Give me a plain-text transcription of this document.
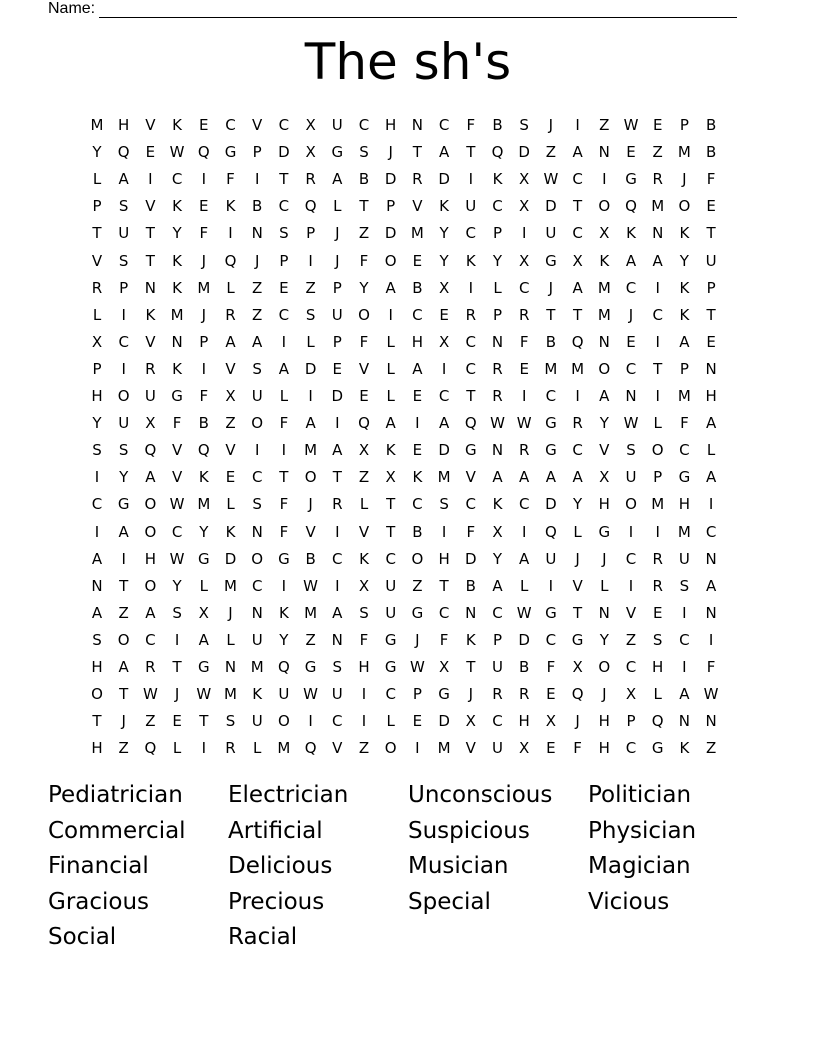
Name:
The sh's
M H	V	K	E	C	V	C	X	U	C	H	N	C	F	B	S	J	I	Z W E	P	B
Y	Q	E W Q G	P	D	X	G	S	J	T	A	T	Q	D	Z	A	N	E	Z	M	B
L	A	I	C	I	F	I	T	R	A	B	D	R	D	I	K	X W C	I	G	R	J	F
P	S	V	K	E	K	B	C	Q	L	T	P	V	K	U	C	X	D	T	O Q M O	E
T	U	T	Y	F	I	N	S	P	J	Z	D M	Y	C	P	I	U	C	X	K	N	K	T
V	S	T	K	J	Q	J	P	I	J	F	O	E	Y	K	Y	X	G	X	K	A	A	Y	U
R	P	N	K	M	L	Z	E	Z	P	Y	A	B	X	I	L	C	J	A	M C	I	K	P
L	I	K	M	J	R	Z	C	S	U	O	I	C	E	R	P	R	T	T	M	J	C	K	T
X	C	V	N	P	A	A	I	L	P	F	L	H	X	C	N	F	B	Q	N	E	I	A	E
P	I	R	K	I	V	S	A	D	E	V	L	A	I	C	R	E	M M O	C	T	P	N
H	O	U	G	F	X	U	L	I	D	E	L	E	C	T	R	I	C	I	A	N	I	M H
Y	U	X	F	B	Z	O	F	A	I	Q	A	I	A	Q W W G	R	Y W	L	F	A
S	S	Q	V	Q	V	I	I	M	A	X	K	E	D	G	N	R	G	C	V	S	O	C	L
I	Y	A	V	K	E	C	T	O	T	Z	X	K	M	V	A	A	A	A	X	U	P	G	A
C	G O W M	L	S	F	J	R	L	T	C	S	C	K	C	D	Y	H	O M H	I
I	A	O	C	Y	K	N	F	V	I	V	T	B	I	F	X	I	Q	L	G	I	I	M C
A	I	H W G	D	O G	B	C	K	C	O	H	D	Y	A	U	J	J	C	R	U	N
N	T	O	Y	L	M C	I	W	I	X	U	Z	T	B	A	L	I	V	L	I	R	S	A
A	Z	A	S	X	J	N	K	M	A	S	U	G	C	N	C W G	T	N	V	E	I	N
S	O	C	I	A	L	U	Y	Z	N	F	G	J	F	K	P	D	C	G	Y	Z	S	C	I
H	A	R	T	G	N M Q G	S	H	G W X	T	U	B	F	X	O	C	H	I	F
O	T W	J	W M	K	U W U	I	C	P	G	J	R	R	E	Q	J	X	L	A W
T	J	Z	E	T	S	U	O	I	C	I	L	E	D	X	C	H	X	J	H	P	Q	N	N
H	Z	Q	L	I	R	L	M Q	V	Z	O	I	M	V	U	X	E	F	H	C	G	K	Z
Pediatrician Electrician	Unconscious Politician
Commercial Artificial	Suspicious	Physician
Financial	Delicious	Musician	Magician
Gracious	Precious	Special	Vicious
Social	Racial
